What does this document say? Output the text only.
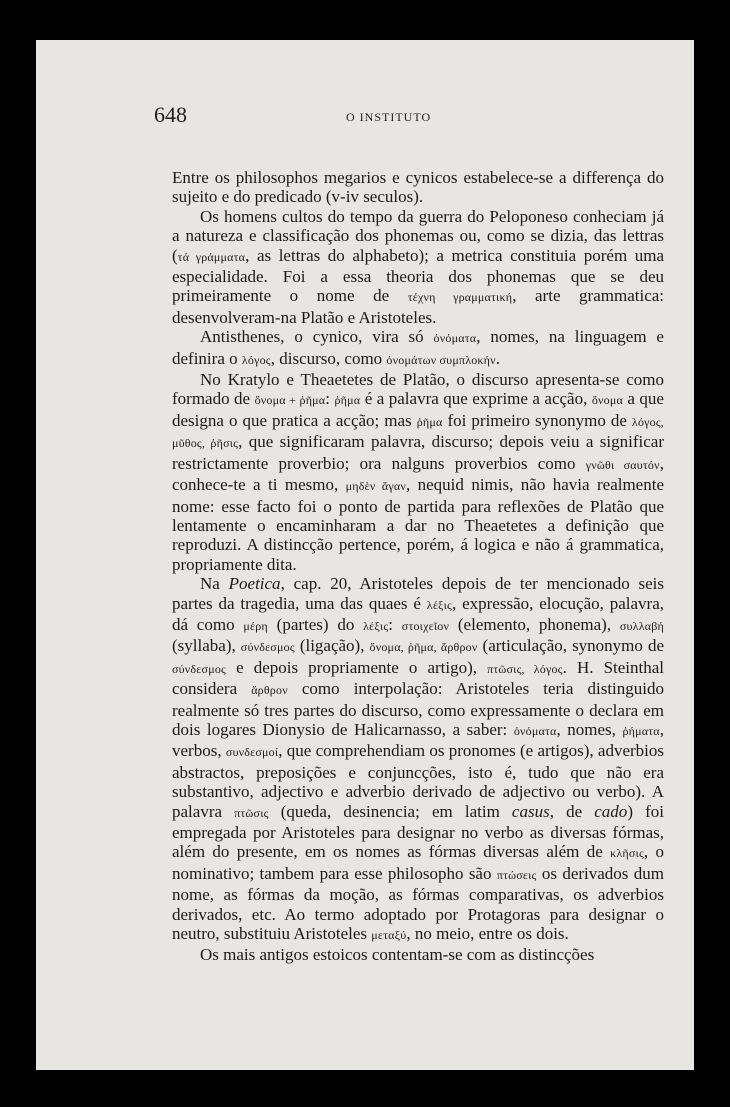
648	O INSTITUTO

Entre os philosophos megarios e cynicos estabelece-se a differença do sujeito e do predicado (v-iv seculos).

Os homens cultos do tempo da guerra do Peloponeso conheciam já a natureza e classificação dos phonemas ou, como se dizia, das lettras (τά γράμματα, as lettras do alphabeto); a metrica constituia porém uma especialidade. Foi a essa theoria dos phonemas que se deu primeiramente o nome de τέχνη γραμματική, arte grammatica: desenvolveram-na Platão e Aristoteles.

Antisthenes, o cynico, vira só ὀνόματα, nomes, na linguagem e definira o λόγος, discurso, como ὀνομάτων συμπλοκήν.

No Kratylo e Theaetetes de Platão, o discurso apresenta-se como formado de ὄνομα + ῥῆμα: ῥῆμα é a palavra que exprime a acção, ὄνομα a que designa o que pratica a acção; mas ῥῆμα foi primeiro synonymo de λόγος, μῦθος, ῥῆσις, que significaram palavra, discurso; depois veiu a significar restrictamente proverbio; ora nalguns proverbios como γνῶθι σαυτόν, conhece-te a ti mesmo, μηδὲν ἄγαν, nequid nimis, não havia realmente nome: esse facto foi o ponto de partida para reflexões de Platão que lentamente o encaminharam a dar no Theaetetes a definição que reproduzi. A distincção pertence, porém, á logica e não á grammatica, propriamente dita.

Na Poetica, cap. 20, Aristoteles depois de ter mencionado seis partes da tragedia, uma das quaes é λέξις, expressão, elocução, palavra, dá como μέρη (partes) do λέξις: στοιχεῖον (elemento, phonema), συλλαβή (syllaba), σύνδεσμος (ligação), ὄνομα, ῥῆμα, ἄρθρον (articulação, synonymo de σύνδεσμος e depois propriamente o artigo), πτῶσις, λόγος. H. Steinthal considera ἄρθρον como interpolação: Aristoteles teria distinguido realmente só tres partes do discurso, como expressamente o declara em dois logares Dionysio de Halicarnasso, a saber: ὀνόματα, nomes, ῥήματα, verbos, συνδεσμοί, que comprehendiam os pronomes (e artigos), adverbios abstractos, preposições e conjuncções, isto é, tudo que não era substantivo, adjectivo e adverbio derivado de adjectivo ou verbo). A palavra πτῶσις (queda, desinencia; em latim casus, de cado) foi empregada por Aristoteles para designar no verbo as diversas fórmas, além do presente, em os nomes as fórmas diversas além de κλῆσις, o nominativo; tambem para esse philosopho são πτώσεις os derivados dum nome, as fórmas da moção, as fórmas comparativas, os adverbios derivados, etc. Ao termo adoptado por Protagoras para designar o neutro, substituiu Aristoteles μεταξύ, no meio, entre os dois.

Os mais antigos estoicos contentam-se com as distincções
